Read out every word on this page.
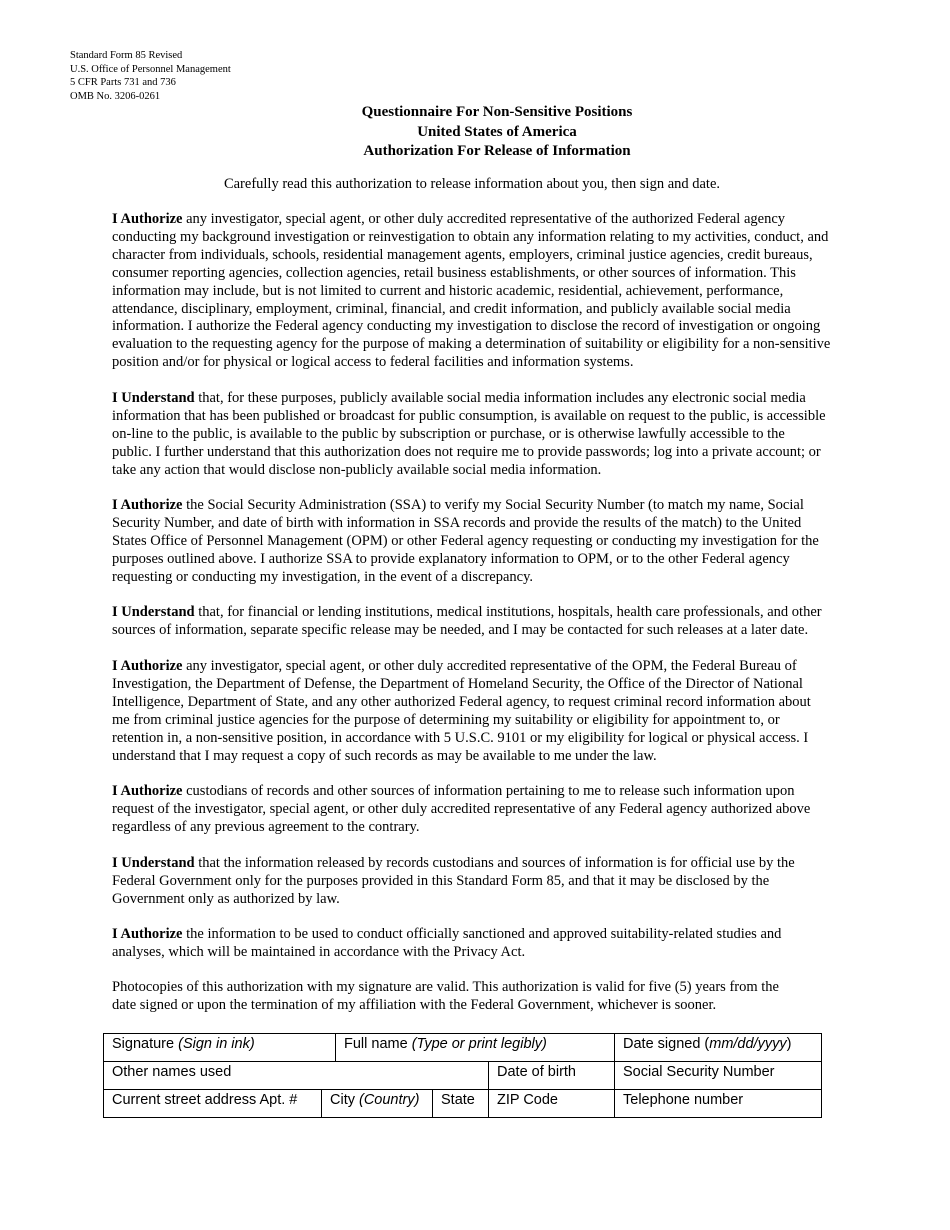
Standard Form 85 Revised
U.S. Office of Personnel Management
5 CFR Parts 731 and 736
OMB No. 3206-0261
Questionnaire For Non-Sensitive Positions
United States of America
Authorization For Release of Information
Carefully read this authorization to release information about you, then sign and date.
I Authorize any investigator, special agent, or other duly accredited representative of the authorized Federal agency
conducting my background investigation or reinvestigation to obtain any information relating to my activities, conduct, and
character from individuals, schools, residential management agents, employers, criminal justice agencies, credit bureaus,
consumer reporting agencies, collection agencies, retail business establishments, or other sources of information. This
information may include, but is not limited to current and historic academic, residential, achievement, performance,
attendance, disciplinary, employment, criminal, financial, and credit information, and publicly available social media
information. I authorize the Federal agency conducting my investigation to disclose the record of investigation or ongoing
evaluation to the requesting agency for the purpose of making a determination of suitability or eligibility for a non-sensitive
position and/or for physical or logical access to federal facilities and information systems.
I Understand that, for these purposes, publicly available social media information includes any electronic social media
information that has been published or broadcast for public consumption, is available on request to the public, is accessible
on-line to the public, is available to the public by subscription or purchase, or is otherwise lawfully accessible to the
public. I further understand that this authorization does not require me to provide passwords; log into a private account; or
take any action that would disclose non-publicly available social media information.
I Authorize the Social Security Administration (SSA) to verify my Social Security Number (to match my name, Social
Security Number, and date of birth with information in SSA records and provide the results of the match) to the United
States Office of Personnel Management (OPM) or other Federal agency requesting or conducting my investigation for the
purposes outlined above. I authorize SSA to provide explanatory information to OPM, or to the other Federal agency
requesting or conducting my investigation, in the event of a discrepancy.
I Understand that, for financial or lending institutions, medical institutions, hospitals, health care professionals, and other
sources of information, separate specific release may be needed, and I may be contacted for such releases at a later date.
I Authorize any investigator, special agent, or other duly accredited representative of the OPM, the Federal Bureau of
Investigation, the Department of Defense, the Department of Homeland Security, the Office of the Director of National
Intelligence, Department of State, and any other authorized Federal agency, to request criminal record information about
me from criminal justice agencies for the purpose of determining my suitability or eligibility for appointment to, or
retention in, a non-sensitive position, in accordance with 5 U.S.C. 9101 or my eligibility for logical or physical access. I
understand that I may request a copy of such records as may be available to me under the law.
I Authorize custodians of records and other sources of information pertaining to me to release such information upon
request of the investigator, special agent, or other duly accredited representative of any Federal agency authorized above
regardless of any previous agreement to the contrary.
I Understand that the information released by records custodians and sources of information is for official use by the
Federal Government only for the purposes provided in this Standard Form 85, and that it may be disclosed by the
Government only as authorized by law.
I Authorize the information to be used to conduct officially sanctioned and approved suitability-related studies and
analyses, which will be maintained in accordance with the Privacy Act.
Photocopies of this authorization with my signature are valid. This authorization is valid for five (5) years from the
date signed or upon the termination of my affiliation with the Federal Government, whichever is sooner.
Signature (Sign in ink)		Full name (Type or print legibly)			Date signed (mm/dd/yyyy)
Other names used				Date of birth	Social Security Number
Current street address Apt. #	City (Country)		State	ZIP Code	Telephone number
